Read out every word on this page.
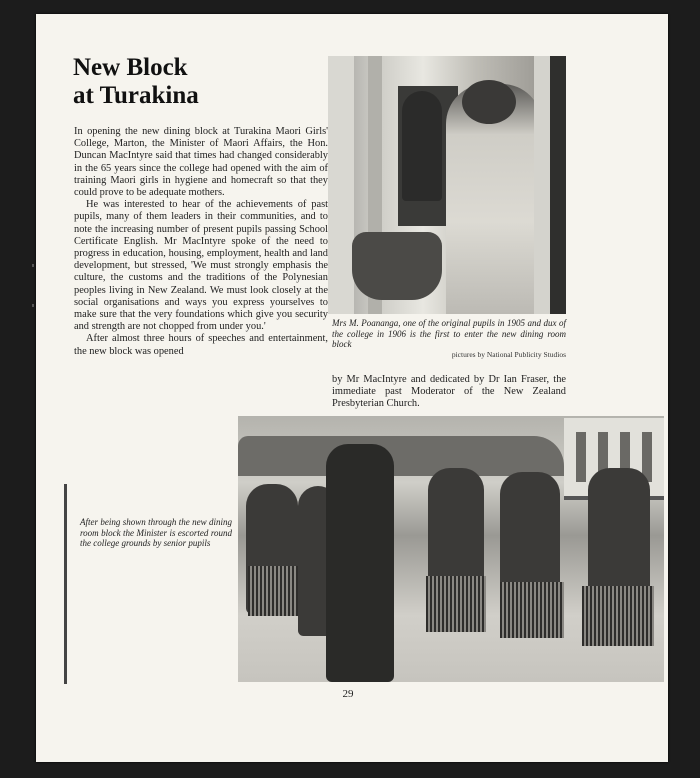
New Block
at Turakina

In opening the new dining block at Turakina Maori Girls' College, Marton, the Minister of Maori Affairs, the Hon. Duncan MacIntyre said that times had changed considerably in the 65 years since the college had opened with the aim of training Maori girls in hygiene and homecraft so that they could prove to be adequate mothers.

He was interested to hear of the achievements of past pupils, many of them leaders in their communities, and to note the increasing number of present pupils passing School Certificate English. Mr MacIntyre spoke of the need to progress in education, housing, employment, health and land development, but stressed, 'We must strongly emphasis the culture, the customs and the traditions of the Polynesian peoples living in New Zealand. We must look closely at the social organisations and ways you express yourselves to make sure that the very foundations which give you security and strength are not chopped from under you.'

After almost three hours of speeches and entertainment, the new block was opened

Mrs M. Poananga, one of the original pupils in 1905 and dux of the college in 1906 is the first to enter the new dining room block

pictures by National Publicity Studios

by Mr MacIntyre and dedicated by Dr Ian Fraser, the immediate past Moderator of the New Zealand Presbyterian Church.

After being shown through the new dining room block the Minister is escorted round the college grounds by senior pupils

29
